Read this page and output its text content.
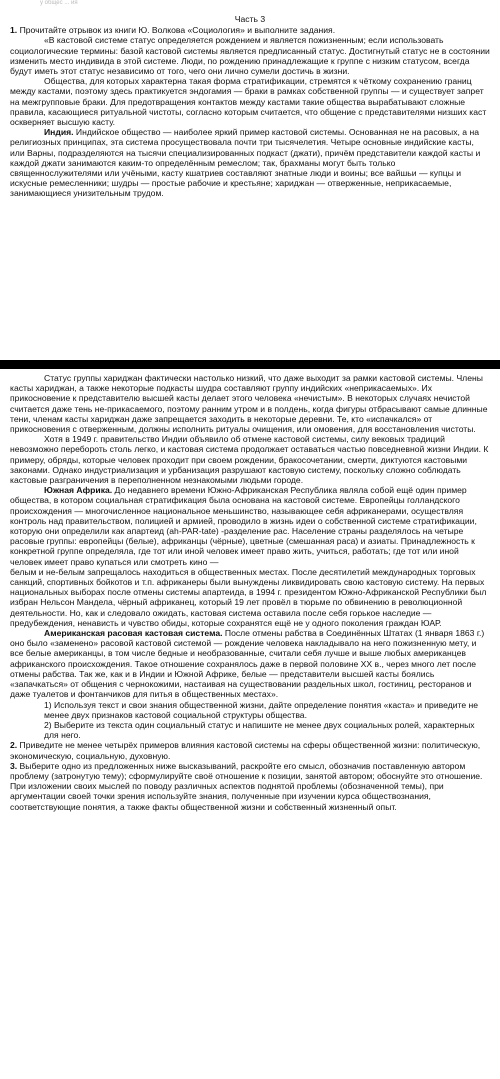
у общес ... ия

Часть 3

1. Прочитайте отрывок из книги Ю. Волкова «Социология» и выполните задания.

«В кастовой системе статус определяется рождением и является пожизненным; если использовать социологические термины: базой кастовой системы является предписанный статус. Достигнутый статус не в состоянии изменить место индивида в этой системе. Люди, по рождению принадлежащие к группе с низким статусом, всегда будут иметь этот статус независимо от того, чего они лично сумели достичь в жизни.

Общества, для которых характерна такая форма стратификации, стремятся к чёткому сохранению границ между кастами, поэтому здесь практикуется эндогамия — браки в рамках собственной группы — и существует запрет на межгрупповые браки. Для предотвращения контактов между кастами такие общества вырабатывают сложные правила, касающиеся ритуальной чистоты, согласно которым считается, что общение с представителями низших каст оскверняет высшую касту.

Индия. Индийское общество — наиболее яркий пример кастовой системы. Основанная не на расовых, а на религиозных принципах, эта система просуществовала почти три тысячелетия. Четыре основные индийские касты, или Варны, подразделяются на тысячи специализированных подкаст (джати), причём представители каждой касты и каждой джати занимаются каким-то определённым ремеслом; так, брахманы могут быть только священнослужителями или учёными, касту кшатриев составляют знатные люди и воины; все вайшьи — купцы и искусные ремесленники; шудры — простые рабочие и крестьяне; хариджан — отверженные, неприкасаемые, занимающиеся унизительным трудом.

Статус группы хариджан фактически настолько низкий, что даже выходит за рамки кастовой системы. Члены касты хариджан, а также некоторые подкасты шудра составляют группу индийских «неприкасаемых». Их прикосновение к представителю высшей касты делает этого человека «нечистым». В некоторых случаях нечистой считается даже тень не-прикасаемого, поэтому ранним утром и в полдень, когда фигуры отбрасывают самые длинные тени, членам касты хариджан даже запрещается заходить в некоторые деревни. Те, кто «испачкался» от прикосновения с отверженным, должны исполнить ритуалы очищения, или омовения, для восстановления чистоты.

Хотя в 1949 г. правительство Индии объявило об отмене кастовой системы, силу вековых традиций невозможно перебороть столь легко, и кастовая система продолжает оставаться частью повседневной жизни Индии. К примеру, обряды, которые человек проходит при своем рождении, бракосочетании, смерти, диктуются кастовыми законами. Однако индустриализация и урбанизация разрушают кастовую систему, поскольку сложно соблюдать кастовые разграничения в переполненном незнакомыми людьми городе.

Южная Африка. До недавнего времени Южно-Африканская Республика являла собой ещё один пример общества, в котором социальная стратификация была основана на кастовой системе. Европейцы голландского происхождения — многочисленное национальное меньшинство, называющее себя африканерами, осуществляя контроль над правительством, полицией и армией, проводило в жизнь идеи о собственной системе стратификации, которую они определили как апартеид (ah-PAR-tate) -разделение рас. Население страны разделялось на четыре расовые группы: европейцы (белые), африканцы (чёрные), цветные (смешанная раса) и азиаты. Принадлежность к конкретной группе определяла, где тот или иной человек имеет право жить, учиться, работать; где тот или иной человек имеет право купаться или смотреть кино —

белым и не-белым запрещалось находиться в общественных местах. После десятилетий международных торговых санкций, спортивных бойкотов и т.п. африканеры были вынуждены ликвидировать свою кастовую систему. На первых национальных выборах после отмены системы апартеида, в 1994 г. президентом Южно-Африканской Республики был избран Нельсон Мандела, чёрный африканец, который 19 лет провёл в тюрьме по обвинению в революционной деятельности. Но, как и следовало ожидать, кастовая система оставила после себя горькое наследие — предубеждения, ненависть и чувство обиды, которые сохранятся ещё не у одного поколения граждан ЮАР.

Американская расовая кастовая система. После отмены рабства в Соединённых Штатах (1 января 1863 г.) оно было «заменено» расовой кастовой системой — рождение человека накладывало на него пожизненную мету, и все белые американцы, в том числе бедные и необразованные, считали себя лучше и выше любых американцев африканского происхождения. Такое отношение сохранялось даже в первой половине XX в., через много лет после отмены рабства. Так же, как и в Индии и Южной Африке, белые — представители высшей касты боялись «запачкаться» от общения с чернокожими, настаивая на существовании раздельных школ, гостиниц, ресторанов и даже туалетов и фонтанчиков для питья в общественных местах».

1) Используя текст и свои знания общественной жизни, дайте определение понятия «каста» и приведите не менее двух признаков кастовой социальной структуры общества.

2) Выберите из текста один социальный статус и напишите не менее двух социальных ролей, характерных для него.

2. Приведите не менее четырёх примеров влияния кастовой системы на сферы общественной жизни: политическую, экономическую, социальную, духовную.

3. Выберите одно из предложенных ниже высказываний, раскройте его смысл, обозначив поставленную автором проблему (затронутую тему); сформулируйте своё отношение к позиции, занятой автором; обоснуйте это отношение. При изложении своих мыслей по поводу различных аспектов поднятой проблемы (обозначенной темы), при аргументации своей точки зрения используйте знания, полученные при изучении курса обществознания, соответствующие понятия, а также факты общественной жизни и собственный жизненный опыт.
